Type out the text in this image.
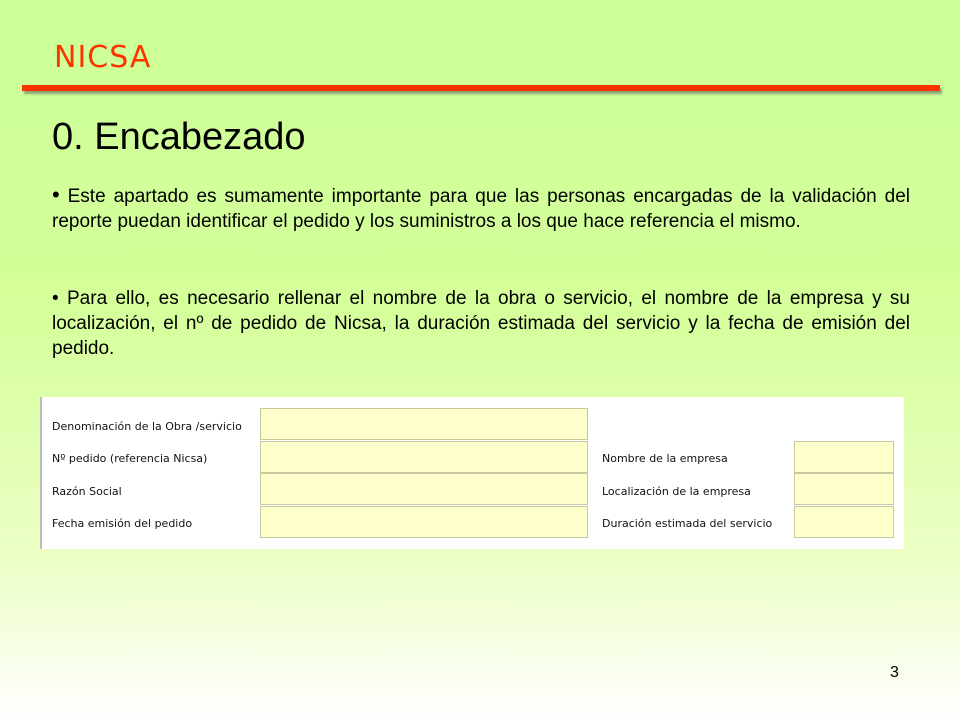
NICSA
0. Encabezado

• Este apartado es sumamente importante para que las personas encargadas de la validación del reporte puedan identificar el pedido y los suministros a los que hace referencia el mismo.

• Para ello, es necesario rellenar el nombre de la obra o servicio, el nombre de la empresa y su localización, el nº de pedido de Nicsa, la duración estimada del servicio y la fecha de emisión del pedido.

Denominación de la Obra /servicio
Nº pedido (referencia Nicsa)
Razón Social
Fecha emisión del pedido
Nombre de la empresa
Localización de la empresa
Duración estimada del servicio
3
